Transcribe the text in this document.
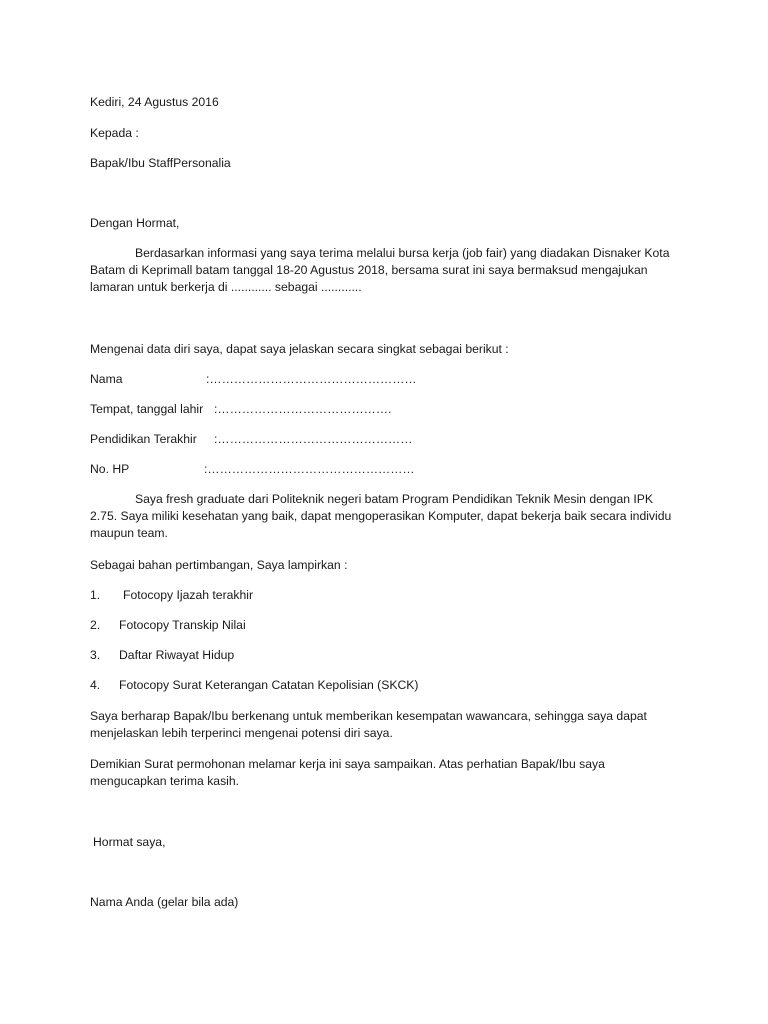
Kediri, 24 Agustus 2016
Kepada :
Bapak/Ibu StaffPersonalia
Dengan Hormat,
Berdasarkan informasi yang saya terima melalui bursa kerja (job fair) yang diadakan Disnaker Kota Batam di Keprimall batam tanggal 18-20 Agustus 2018, bersama surat ini saya bermaksud mengajukan lamaran untuk berkerja di ............ sebagai ............
Mengenai data diri saya, dapat saya jelaskan secara singkat sebagai berikut :
Nama	:……………………………………………
Tempat, tanggal lahir :…………………………………….
Pendidikan Terakhir :…………………………………………
No. HP	:……………………………………………
Saya fresh graduate dari Politeknik negeri batam Program Pendidikan Teknik Mesin dengan IPK 2.75. Saya miliki kesehatan yang baik, dapat mengoperasikan Komputer, dapat bekerja baik secara individu maupun team.
Sebagai bahan pertimbangan, Saya lampirkan :
1. Fotocopy Ijazah terakhir
2. Fotocopy Transkip Nilai
3. Daftar Riwayat Hidup
4. Fotocopy Surat Keterangan Catatan Kepolisian (SKCK)
Saya berharap Bapak/Ibu berkenang untuk memberikan kesempatan wawancara, sehingga saya dapat menjelaskan lebih terperinci mengenai potensi diri saya.
Demikian Surat permohonan melamar kerja ini saya sampaikan. Atas perhatian Bapak/Ibu saya mengucapkan terima kasih.
Hormat saya,
Nama Anda (gelar bila ada)
